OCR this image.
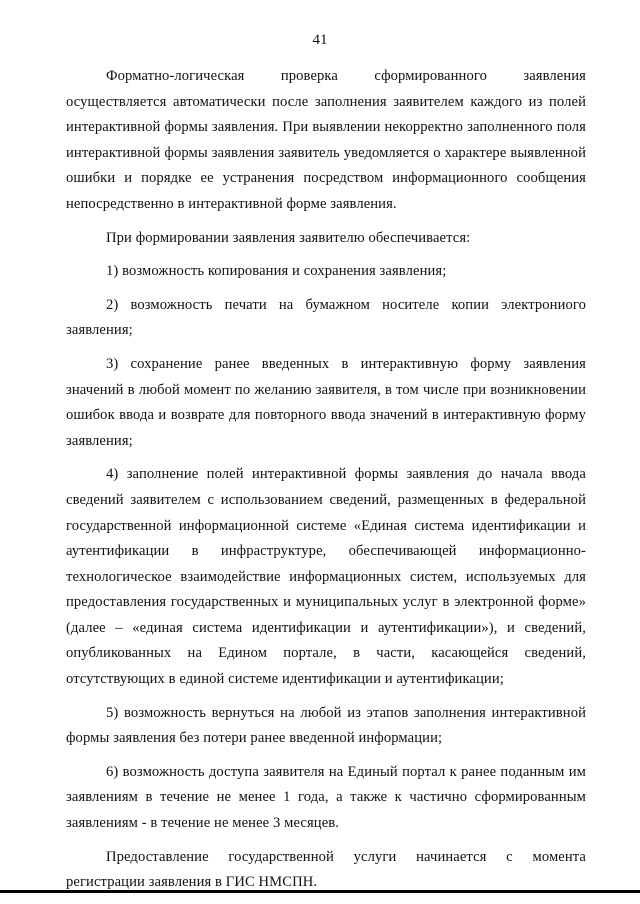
41

Форматно-логическая проверка сформированного заявления осуществляется автоматически после заполнения заявителем каждого из полей интерактивной формы заявления. При выявлении некорректно заполненного поля интерактивной формы заявления заявитель уведомляется о характере выявленной ошибки и порядке ее устранения посредством информационного сообщения непосредственно в интерактивной форме заявления.

При формировании заявления заявителю обеспечивается:

1) возможность копирования и сохранения заявления;

2) возможность печати на бумажном носителе копии электрониого заявления;

3) сохранение ранее введенных в интерактивную форму заявления значений в любой момент по желанию заявителя, в том числе при возникновении ошибок ввода и возврате для повторного ввода значений в интерактивную форму заявления;

4) заполнение полей интерактивной формы заявления до начала ввода сведений заявителем с использованием сведений, размещенных в федеральной государственной информационной системе «Единая система идентификации и аутентификации в инфраструктуре, обеспечивающей информационно-технологическое взаимодействие информационных систем, используемых для предоставления государственных и муниципальных услуг в электронной форме» (далее – «единая система идентификации и аутентификации»), и сведений, опубликованных на Едином портале, в части, касающейся сведений, отсутствующих в единой системе идентификации и аутентификации;

5) возможность вернуться на любой из этапов заполнения интерактивной формы заявления без потери ранее введенной информации;

6) возможность доступа заявителя на Единый портал к ранее поданным им заявлениям в течение не менее 1 года, а также к частично сформированным заявлениям - в течение не менее 3 месяцев.

Предоставление государственной услуги начинается с момента регистрации заявления в ГИС НМСПН.
